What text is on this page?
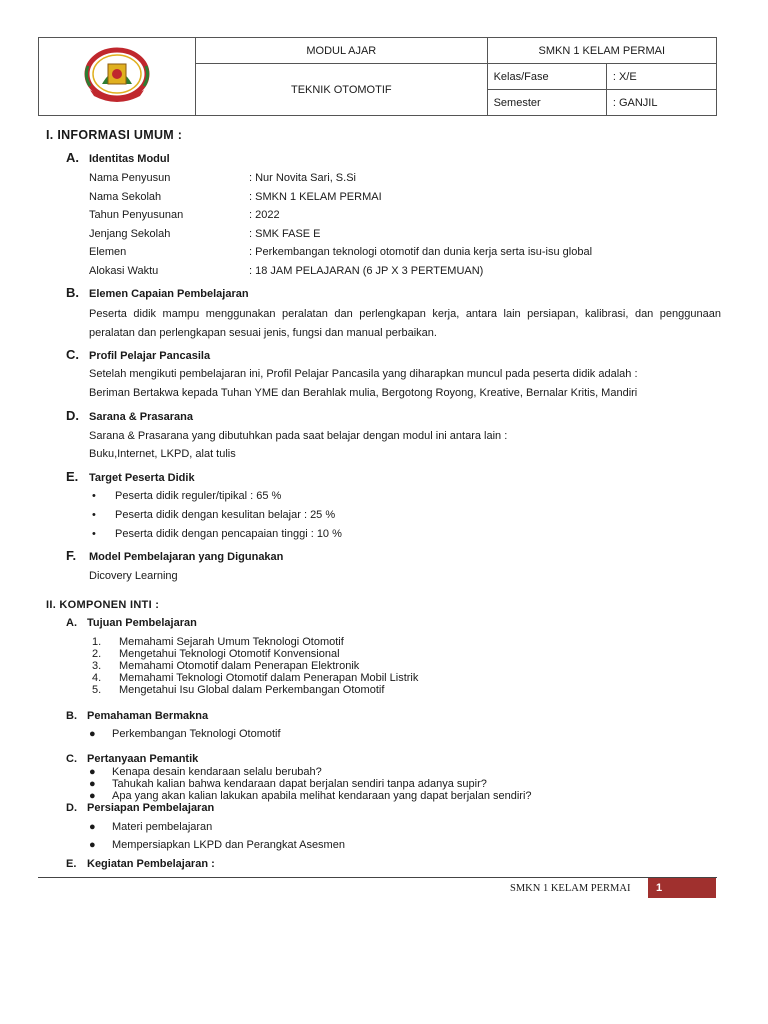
	MODUL AJAR	SMKN 1 KELAM PERMAI	
	TEKNIK OTOMOTIF	Kelas/Fase	: X/E
		Semester	: GANJIL
I. INFORMASI UMUM :
A. Identitas Modul
Nama Penyusun	: Nur Novita Sari, S.Si
Nama Sekolah	: SMKN 1 KELAM PERMAI
Tahun Penyusunan	: 2022
Jenjang Sekolah	: SMK FASE E
Elemen	: Perkembangan teknologi otomotif dan dunia kerja serta isu-isu global
Alokasi Waktu	: 18 JAM PELAJARAN (6 JP X 3 PERTEMUAN)
B. Elemen Capaian Pembelajaran
Peserta didik mampu menggunakan peralatan dan perlengkapan kerja, antara lain persiapan, kalibrasi, dan penggunaan peralatan dan perlengkapan sesuai jenis, fungsi dan manual perbaikan.
C. Profil Pelajar Pancasila
Setelah mengikuti pembelajaran ini, Profil Pelajar Pancasila yang diharapkan muncul pada peserta didik adalah :
Beriman Bertakwa kepada Tuhan YME dan Berahlak mulia, Bergotong Royong, Kreative, Bernalar Kritis, Mandiri
D. Sarana & Prasarana
Sarana & Prasarana yang dibutuhkan pada saat belajar dengan modul ini antara lain :
Buku,Internet, LKPD, alat tulis
E. Target Peserta Didik
• Peserta didik reguler/tipikal : 65 %
• Peserta didik dengan kesulitan belajar : 25 %
• Peserta didik dengan pencapaian tinggi : 10 %
F. Model Pembelajaran yang Digunakan
Dicovery Learning
II. KOMPONEN INTI :
A. Tujuan Pembelajaran
1. Memahami Sejarah Umum Teknologi Otomotif
2. Mengetahui Teknologi Otomotif Konvensional
3. Memahami Otomotif dalam Penerapan Elektronik
4. Memahami Teknologi Otomotif dalam Penerapan Mobil Listrik
5. Mengetahui Isu Global dalam Perkembangan Otomotif
B. Pemahaman Bermakna
● Perkembangan Teknologi Otomotif
C. Pertanyaan Pemantik
● Kenapa desain kendaraan selalu berubah?
● Tahukah kalian bahwa kendaraan dapat berjalan sendiri tanpa adanya supir?
● Apa yang akan kalian lakukan apabila melihat kendaraan yang dapat berjalan sendiri?
D. Persiapan Pembelajaran
● Materi pembelajaran
● Mempersiapkan LKPD dan Perangkat Asesmen
E. Kegiatan Pembelajaran :
SMKN 1 KELAM PERMAI	1
